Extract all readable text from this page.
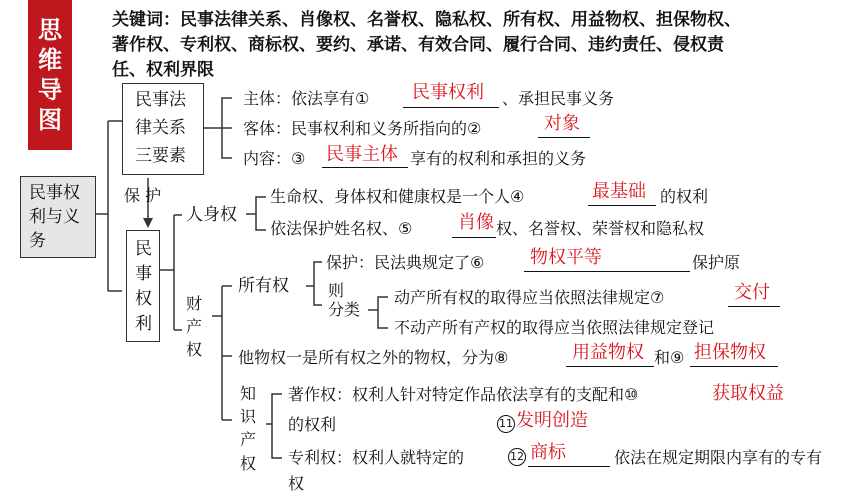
思
维
导
图
关键词：民事法律关系、肖像权、名誉权、隐私权、所有权、用益物权、担保物权、
著作权、专利权、商标权、要约、承诺、有效合同、履行合同、违约责任、侵权责
任、权利界限
民事权
利与义
务
民事法
律关系
三要素
主体：依法享有① 民事权利 、承担民事义务
客体：民事权利和义务所指向的②	对象
内容：③ 民事主体 享有的权利和承担的义务
保 护
民
事
权
利
人身权
生命权、身体权和健康权是一个人④	最基础 的权利
依法保护姓名权、⑤	肖像 权、名誉权、荣誉权和隐私权
财
产
权
所有权
保护：民法典规定了⑥	物权平等	保护原
则
分类
动产所有权的取得应当依照法律规定⑦	交付
不动产所有产权的取得应当依照法律规定登记
他物权一是所有权之外的物权，分为⑧	用益物权 和⑨ 担保物权
知
识
产
权
著作权：权利人针对特定作品依法享有的支配和⑩	获取权益
的权利	11 发明创造
专利权：权利人就特定的	12 商标	依法在规定期限内享有的专有
权
